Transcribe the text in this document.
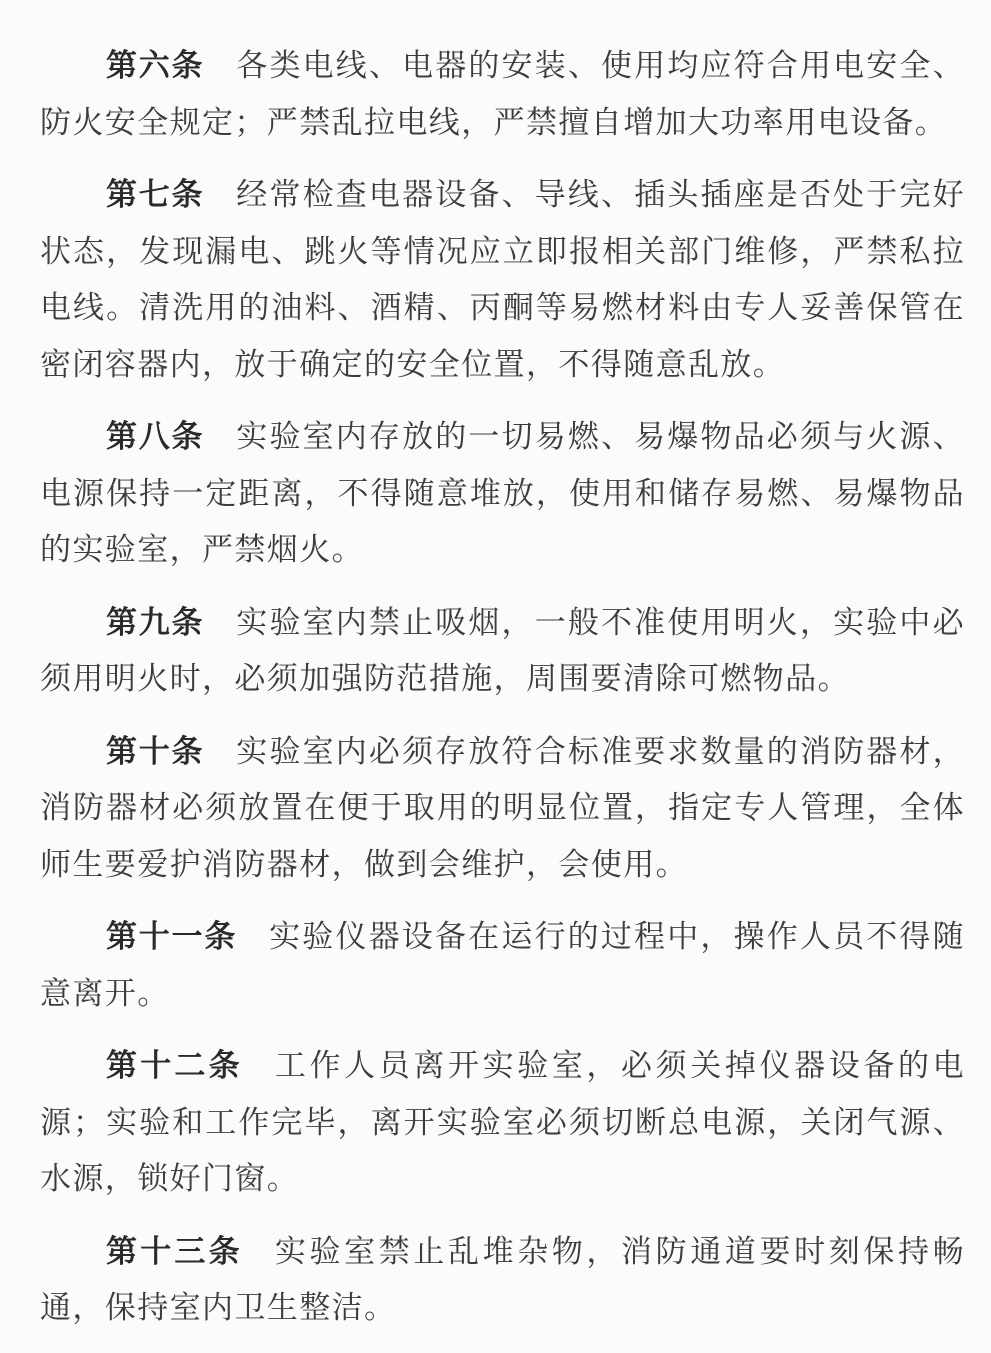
第六条 各类电线、电器的安装、使用均应符合用电安全、防火安全规定；严禁乱拉电线，严禁擅自增加大功率用电设备。

第七条 经常检查电器设备、导线、插头插座是否处于完好状态，发现漏电、跳火等情况应立即报相关部门维修，严禁私拉电线。清洗用的油料、酒精、丙酮等易燃材料由专人妥善保管在密闭容器内，放于确定的安全位置，不得随意乱放。

第八条 实验室内存放的一切易燃、易爆物品必须与火源、电源保持一定距离，不得随意堆放，使用和储存易燃、易爆物品的实验室，严禁烟火。

第九条 实验室内禁止吸烟，一般不准使用明火，实验中必须用明火时，必须加强防范措施，周围要清除可燃物品。

第十条 实验室内必须存放符合标准要求数量的消防器材，消防器材必须放置在便于取用的明显位置，指定专人管理，全体师生要爱护消防器材，做到会维护，会使用。

第十一条 实验仪器设备在运行的过程中，操作人员不得随意离开。

第十二条 工作人员离开实验室，必须关掉仪器设备的电源；实验和工作完毕，离开实验室必须切断总电源，关闭气源、水源，锁好门窗。

第十三条 实验室禁止乱堆杂物，消防通道要时刻保持畅通，保持室内卫生整洁。
